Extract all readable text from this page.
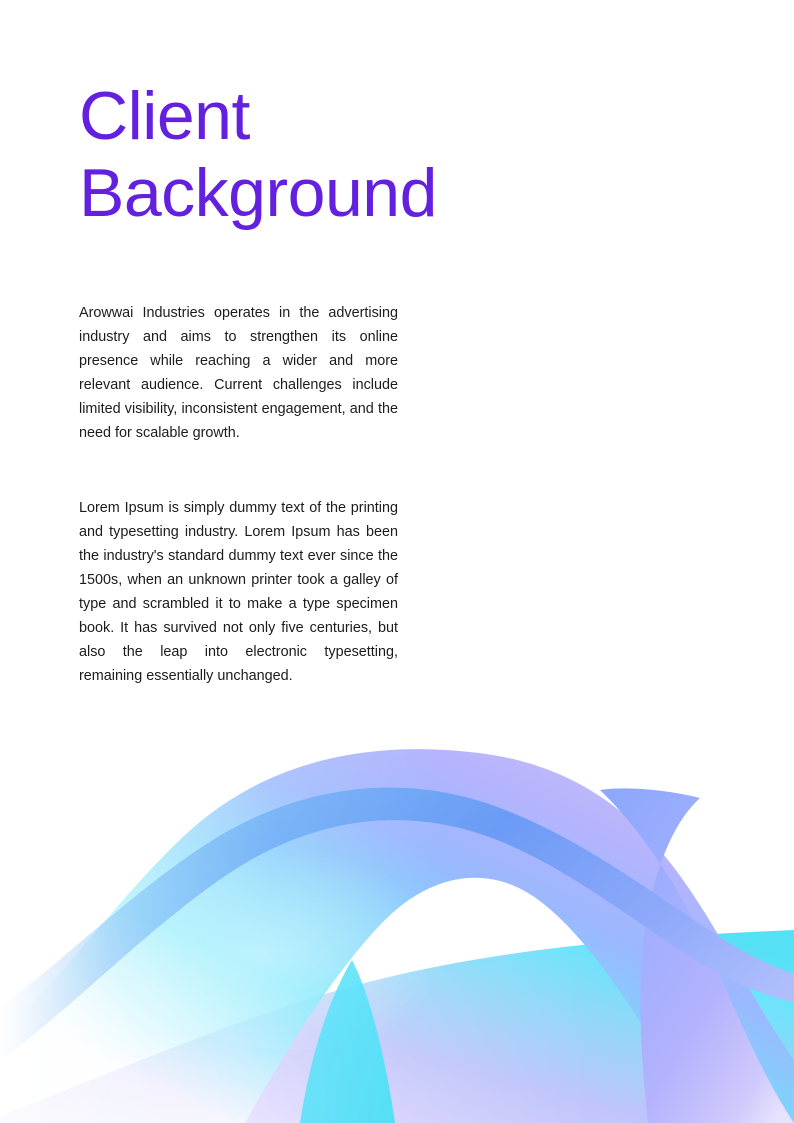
Client
Background

Arowwai Industries operates in the advertising industry and aims to strengthen its online presence while reaching a wider and more relevant audience. Current challenges include limited visibility, inconsistent engagement, and the need for scalable growth.

Lorem Ipsum is simply dummy text of the printing and typesetting industry. Lorem Ipsum has been the industry's standard dummy text ever since the 1500s, when an unknown printer took a galley of type and scrambled it to make a type specimen book. It has survived not only five centuries, but also the leap into electronic typesetting, remaining essentially unchanged.
